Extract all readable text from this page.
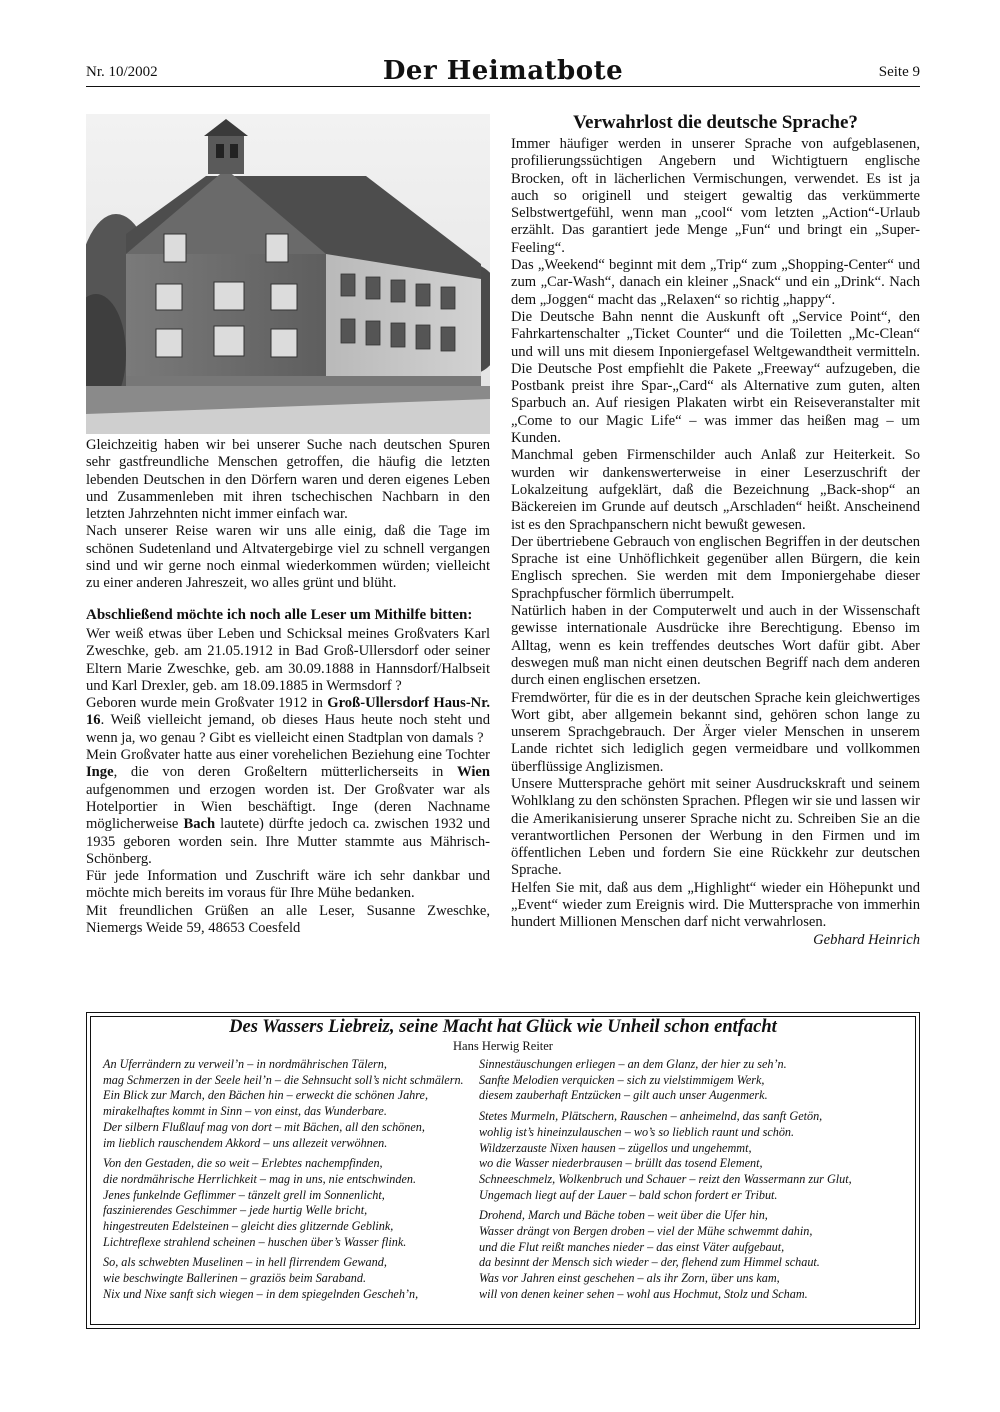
Nr. 10/2002	Der Heimatbote	Seite 9

Gleichzeitig haben wir bei unserer Suche nach deutschen Spuren sehr gastfreundliche Menschen getroffen, die häufig die letzten lebenden Deutschen in den Dörfern waren und deren eigenes Leben und Zusammenleben mit ihren tschechischen Nachbarn in den letzten Jahrzehnten nicht immer einfach war.

Nach unserer Reise waren wir uns alle einig, daß die Tage im schönen Sudetenland und Altvatergebirge viel zu schnell vergangen sind und wir gerne noch einmal wiederkommen würden; vielleicht zu einer anderen Jahreszeit, wo alles grünt und blüht.

Abschließend möchte ich noch alle Leser um Mithilfe bitten:

Wer weiß etwas über Leben und Schicksal meines Großvaters Karl Zweschke, geb. am 21.05.1912 in Bad Groß-Ullersdorf oder seiner Eltern Marie Zweschke, geb. am 30.09.1888 in Hannsdorf/Halbseit und Karl Drexler, geb. am 18.09.1885 in Wermsdorf ?

Geboren wurde mein Großvater 1912 in Groß-Ullersdorf Haus-Nr. 16. Weiß vielleicht jemand, ob dieses Haus heute noch steht und wenn ja, wo genau ? Gibt es vielleicht einen Stadtplan von damals ?

Mein Großvater hatte aus einer vorehelichen Beziehung eine Tochter Inge, die von deren Großeltern mütterlicherseits in Wien aufgenommen und erzogen worden ist. Der Großvater war als Hotelportier in Wien beschäftigt. Inge (deren Nachname möglicherweise Bach lautete) dürfte jedoch ca. zwischen 1932 und 1935 geboren worden sein. Ihre Mutter stammte aus Mährisch-Schönberg.

Für jede Information und Zuschrift wäre ich sehr dankbar und möchte mich bereits im voraus für Ihre Mühe bedanken.

Mit freundlichen Grüßen an alle Leser, Susanne Zweschke, Niemergs Weide 59, 48653 Coesfeld

Verwahrlost die deutsche Sprache?

Immer häufiger werden in unserer Sprache von aufgeblasenen, profilierungssüchtigen Angebern und Wichtigtuern englische Brocken, oft in lächerlichen Vermischungen, verwendet. Es ist ja auch so originell und steigert gewaltig das verkümmerte Selbstwertgefühl, wenn man „cool“ vom letzten „Action“-Urlaub erzählt. Das garantiert jede Menge „Fun“ und bringt ein „Super-Feeling“.

Das „Weekend“ beginnt mit dem „Trip“ zum „Shopping-Center“ und zum „Car-Wash“, danach ein kleiner „Snack“ und ein „Drink“. Nach dem „Joggen“ macht das „Relaxen“ so richtig „happy“.

Die Deutsche Bahn nennt die Auskunft oft „Service Point“, den Fahrkartenschalter „Ticket Counter“ und die Toiletten „Mc-Clean“ und will uns mit diesem Inponiergefasel Weltgewandtheit vermitteln. Die Deutsche Post empfiehlt die Pakete „Freeway“ aufzugeben, die Postbank preist ihre Spar-„Card“ als Alternative zum guten, alten Sparbuch an. Auf riesigen Plakaten wirbt ein Reiseveranstalter mit „Come to our Magic Life“ – was immer das heißen mag – um Kunden.

Manchmal geben Firmenschilder auch Anlaß zur Heiterkeit. So wurden wir dankenswerterweise in einer Leserzuschrift der Lokalzeitung aufgeklärt, daß die Bezeichnung „Back-shop“ an Bäckereien im Grunde auf deutsch „Arschladen“ heißt. Anscheinend ist es den Sprachpanschern nicht bewußt gewesen.

Der übertriebene Gebrauch von englischen Begriffen in der deutschen Sprache ist eine Unhöflichkeit gegenüber allen Bürgern, die kein Englisch sprechen. Sie werden mit dem Imponiergehabe dieser Sprachpfuscher förmlich überrumpelt.

Natürlich haben in der Computerwelt und auch in der Wissenschaft gewisse internationale Ausdrücke ihre Berechtigung. Ebenso im Alltag, wenn es kein treffendes deutsches Wort dafür gibt. Aber deswegen muß man nicht einen deutschen Begriff nach dem anderen durch einen englischen ersetzen.

Fremdwörter, für die es in der deutschen Sprache kein gleichwertiges Wort gibt, aber allgemein bekannt sind, gehören schon lange zu unserem Sprachgebrauch. Der Ärger vieler Menschen in unserem Lande richtet sich lediglich gegen vermeidbare und vollkommen überflüssige Anglizismen.

Unsere Muttersprache gehört mit seiner Ausdruckskraft und seinem Wohlklang zu den schönsten Sprachen. Pflegen wir sie und lassen wir die Amerikanisierung unserer Sprache nicht zu. Schreiben Sie an die verantwortlichen Personen der Werbung in den Firmen und im öffentlichen Leben und fordern Sie eine Rückkehr zur deutschen Sprache.

Helfen Sie mit, daß aus dem „Highlight“ wieder ein Höhepunkt und „Event“ wieder zum Ereignis wird. Die Muttersprache von immerhin hundert Millionen Menschen darf nicht verwahrlosen.

Gebhard Heinrich

Des Wassers Liebreiz, seine Macht hat Glück wie Unheil schon entfacht
Hans Herwig Reiter
An Uferrändern zu verweil’n – in nordmährischen Tälern,
mag Schmerzen in der Seele heil’n – die Sehnsucht soll’s nicht schmälern.
Ein Blick zur March, den Bächen hin – erweckt die schönen Jahre,
mirakelhaftes kommt in Sinn – von einst, das Wunderbare.
Der silbern Flußlauf mag von dort – mit Bächen, all den schönen,
im lieblich rauschendem Akkord – uns allezeit verwöhnen.
Von den Gestaden, die so weit – Erlebtes nachempfinden,
die nordmährische Herrlichkeit – mag in uns, nie entschwinden.
Jenes funkelnde Geflimmer – tänzelt grell im Sonnenlicht,
faszinierendes Geschimmer – jede hurtig Welle bricht,
hingestreuten Edelsteinen – gleicht dies glitzernde Geblink,
Lichtreflexe strahlend scheinen – huschen über’s Wasser flink.
So, als schwebten Muselinen – in hell flirrendem Gewand,
wie beschwingte Ballerinen – graziös beim Saraband.
Nix und Nixe sanft sich wiegen – in dem spiegelnden Gescheh’n,
Sinnestäuschungen erliegen – an dem Glanz, der hier zu seh’n.
Sanfte Melodien verquicken – sich zu vielstimmigem Werk,
diesem zauberhaft Entzücken – gilt auch unser Augenmerk.
Stetes Murmeln, Plätschern, Rauschen – anheimelnd, das sanft Getön,
wohlig ist’s hineinzulauschen – wo’s so lieblich raunt und schön.
Wildzerzauste Nixen hausen – zügellos und ungehemmt,
wo die Wasser niederbrausen – brüllt das tosend Element,
Schneeschmelz, Wolkenbruch und Schauer – reizt den Wassermann zur Glut,
Ungemach liegt auf der Lauer – bald schon fordert er Tribut.
Drohend, March und Bäche toben – weit über die Ufer hin,
Wasser drängt von Bergen droben – viel der Mühe schwemmt dahin,
und die Flut reißt manches nieder – das einst Väter aufgebaut,
da besinnt der Mensch sich wieder – der, flehend zum Himmel schaut.
Was vor Jahren einst geschehen – als ihr Zorn, über uns kam,
will von denen keiner sehen – wohl aus Hochmut, Stolz und Scham.
